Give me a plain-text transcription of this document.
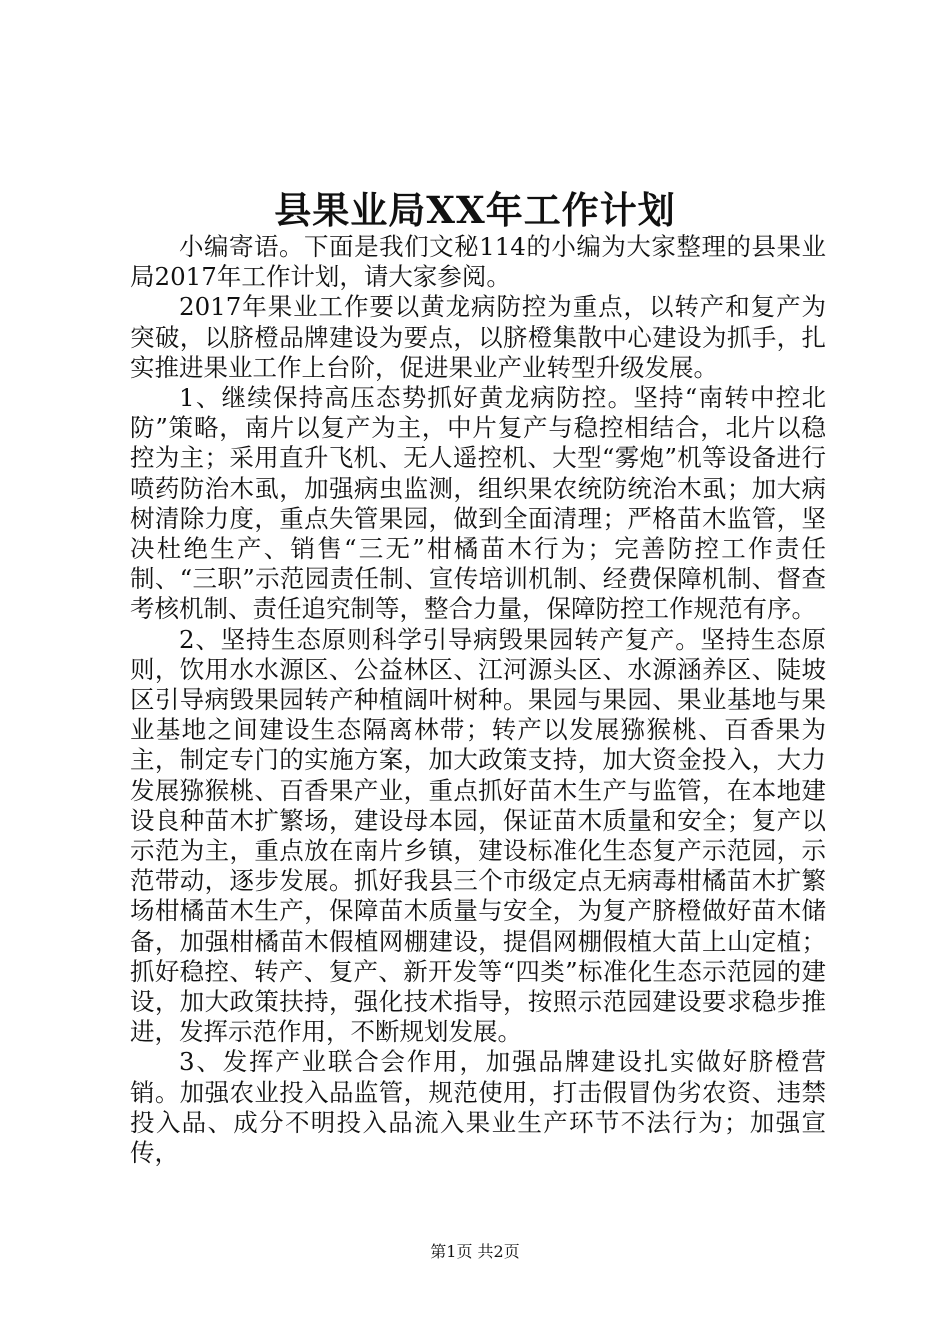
县果业局XX年工作计划

小编寄语。下面是我们文秘114的小编为大家整理的县果业局2017年工作计划，请大家参阅。

2017年果业工作要以黄龙病防控为重点，以转产和复产为突破，以脐橙品牌建设为要点，以脐橙集散中心建设为抓手，扎实推进果业工作上台阶，促进果业产业转型升级发展。

1、继续保持高压态势抓好黄龙病防控。坚持“南转中控北防”策略，南片以复产为主，中片复产与稳控相结合，北片以稳控为主；采用直升飞机、无人遥控机、大型“雾炮”机等设备进行喷药防治木虱，加强病虫监测，组织果农统防统治木虱；加大病树清除力度，重点失管果园，做到全面清理；严格苗木监管，坚决杜绝生产、销售“三无”柑橘苗木行为；完善防控工作责任制、“三职”示范园责任制、宣传培训机制、经费保障机制、督查考核机制、责任追究制等，整合力量，保障防控工作规范有序。

2、坚持生态原则科学引导病毁果园转产复产。坚持生态原则，饮用水水源区、公益林区、江河源头区、水源涵养区、陡坡区引导病毁果园转产种植阔叶树种。果园与果园、果业基地与果业基地之间建设生态隔离林带；转产以发展猕猴桃、百香果为主，制定专门的实施方案，加大政策支持，加大资金投入，大力发展猕猴桃、百香果产业，重点抓好苗木生产与监管，在本地建设良种苗木扩繁场，建设母本园，保证苗木质量和安全；复产以示范为主，重点放在南片乡镇，建设标准化生态复产示范园，示范带动，逐步发展。抓好我县三个市级定点无病毒柑橘苗木扩繁场柑橘苗木生产，保障苗木质量与安全，为复产脐橙做好苗木储备，加强柑橘苗木假植网棚建设，提倡网棚假植大苗上山定植；抓好稳控、转产、复产、新开发等“四类”标准化生态示范园的建设，加大政策扶持，强化技术指导，按照示范园建设要求稳步推进，发挥示范作用，不断规划发展。

3、发挥产业联合会作用，加强品牌建设扎实做好脐橙营销。加强农业投入品监管，规范使用，打击假冒伪劣农资、违禁投入品、成分不明投入品流入果业生产环节不法行为；加强宣传，

第1页 共2页
